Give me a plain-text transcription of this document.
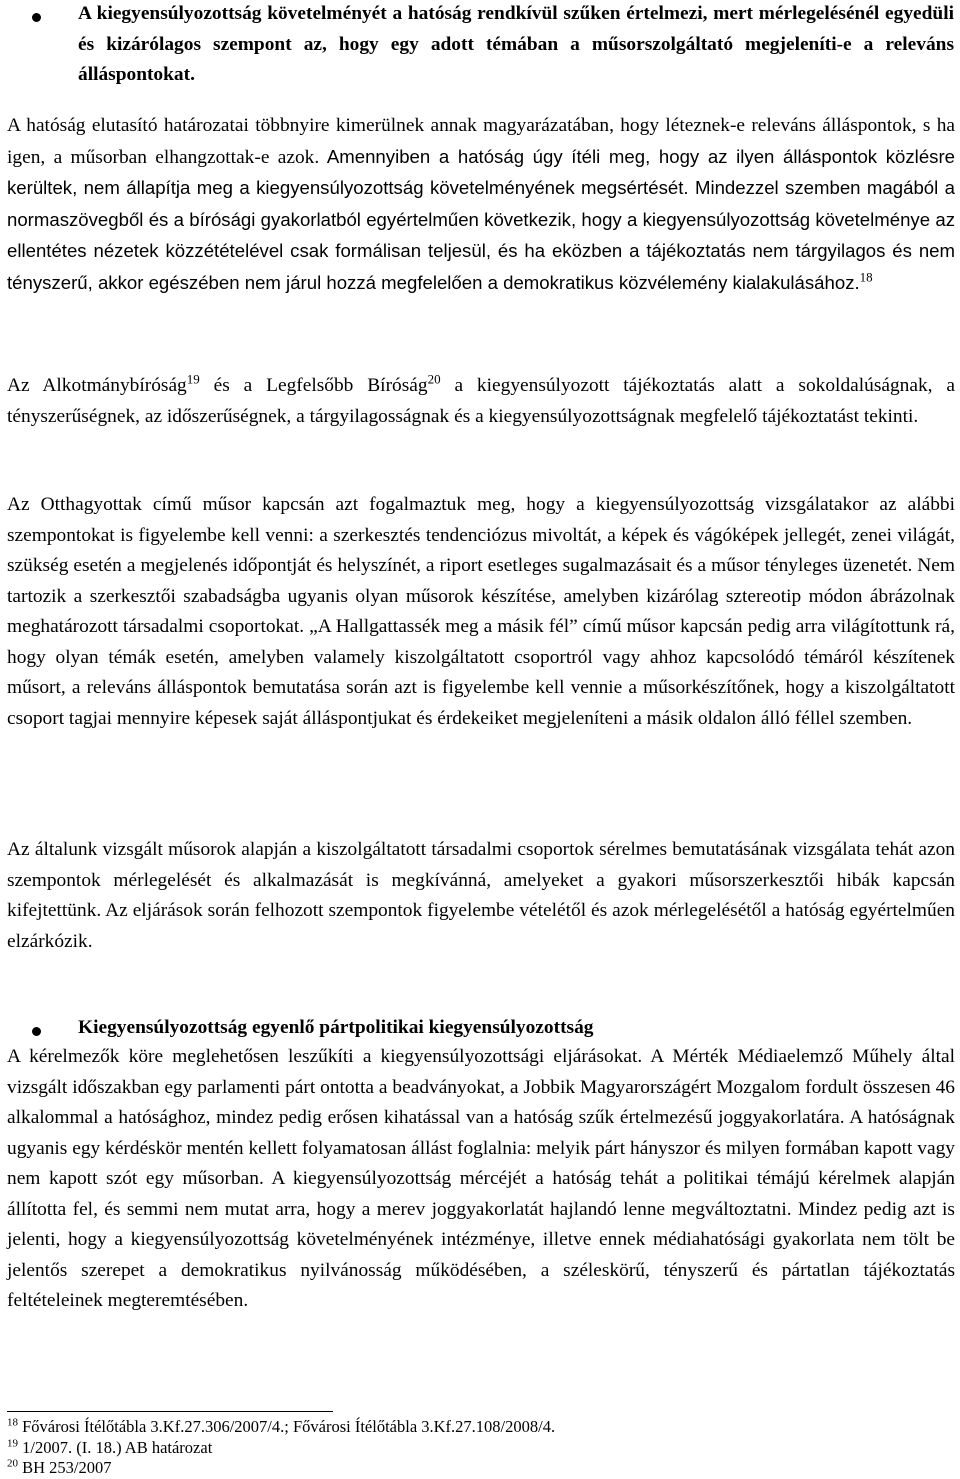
A kiegyensúlyozottság követelményét a hatóság rendkívül szűken értelmezi, mert mérlegelésénél egyedüli és kizárólagos szempont az, hogy egy adott témában a műsorszolgáltató megjeleníti-e a releváns álláspontokat.

A hatóság elutasító határozatai többnyire kimerülnek annak magyarázatában, hogy léteznek-e releváns álláspontok, s ha igen, a műsorban elhangzottak-e azok. Amennyiben a hatóság úgy ítéli meg, hogy az ilyen álláspontok közlésre kerültek, nem állapítja meg a kiegyensúlyozottság követelményének megsértését. Mindezzel szemben magából a normaszövegből és a bírósági gyakorlatból egyértelműen következik, hogy a kiegyensúlyozottság követelménye az ellentétes nézetek közzétételével csak formálisan teljesül, és ha eközben a tájékoztatás nem tárgyilagos és nem tényszerű, akkor egészében nem járul hozzá megfelelően a demokratikus közvélemény kialakulásához.$^{18}$

Az Alkotmánybíróság$^{19}$ és a Legfelsőbb Bíróság$^{20}$ a kiegyensúlyozott tájékoztatás alatt a sokoldalúságnak, a tényszerűségnek, az időszerűségnek, a tárgyilagosságnak és a kiegyensúlyozottságnak megfelelő tájékoztatást tekinti.

Az Otthagyottak című műsor kapcsán azt fogalmaztuk meg, hogy a kiegyensúlyozottság vizsgálatakor az alábbi szempontokat is figyelembe kell venni: a szerkesztés tendenciózus mivoltát, a képek és vágóképek jellegét, zenei világát, szükség esetén a megjelenés időpontját és helyszínét, a riport esetleges sugalmazásait és a műsor tényleges üzenetét. Nem tartozik a szerkesztői szabadságba ugyanis olyan műsorok készítése, amelyben kizárólag sztereotip módon ábrázolnak meghatározott társadalmi csoportokat. „A Hallgattassék meg a másik fél” című műsor kapcsán pedig arra világítottunk rá, hogy olyan témák esetén, amelyben valamely kiszolgáltatott csoportról vagy ahhoz kapcsolódó témáról készítenek műsort, a releváns álláspontok bemutatása során azt is figyelembe kell vennie a műsorkészítőnek, hogy a kiszolgáltatott csoport tagjai mennyire képesek saját álláspontjukat és érdekeiket megjeleníteni a másik oldalon álló féllel szemben.

Az általunk vizsgált műsorok alapján a kiszolgáltatott társadalmi csoportok sérelmes bemutatásának vizsgálata tehát azon szempontok mérlegelését és alkalmazását is megkívánná, amelyeket a gyakori műsorszerkesztői hibák kapcsán kifejtettünk. Az eljárások során felhozott szempontok figyelembe vételétől és azok mérlegelésétől a hatóság egyértelműen elzárkózik.

Kiegyensúlyozottság egyenlő pártpolitikai kiegyensúlyozottság

A kérelmezők köre meglehetősen leszűkíti a kiegyensúlyozottsági eljárásokat. A Mérték Médiaelemző Műhely által vizsgált időszakban egy parlamenti párt ontotta a beadványokat, a Jobbik Magyarországért Mozgalom fordult összesen 46 alkalommal a hatósághoz, mindez pedig erősen kihatással van a hatóság szűk értelmezésű joggyakorlatára. A hatóságnak ugyanis egy kérdéskör mentén kellett folyamatosan állást foglalnia: melyik párt hányszor és milyen formában kapott vagy nem kapott szót egy műsorban. A kiegyensúlyozottság mércéjét a hatóság tehát a politikai témájú kérelmek alapján állította fel, és semmi nem mutat arra, hogy a merev joggyakorlatát hajlandó lenne megváltoztatni. Mindez pedig azt is jelenti, hogy a kiegyensúlyozottság követelményének intézménye, illetve ennek médiahatósági gyakorlata nem tölt be jelentős szerepet a demokratikus nyilvánosság működésében, a széleskörű, tényszerű és pártatlan tájékoztatás feltételeinek megteremtésében.

$^{18}$ Fővárosi Ítélőtábla 3.Kf.27.306/2007/4.; Fővárosi Ítélőtábla 3.Kf.27.108/2008/4.

$^{19}$ 1/2007. (I. 18.) AB határozat

$^{20}$ BH 253/2007
